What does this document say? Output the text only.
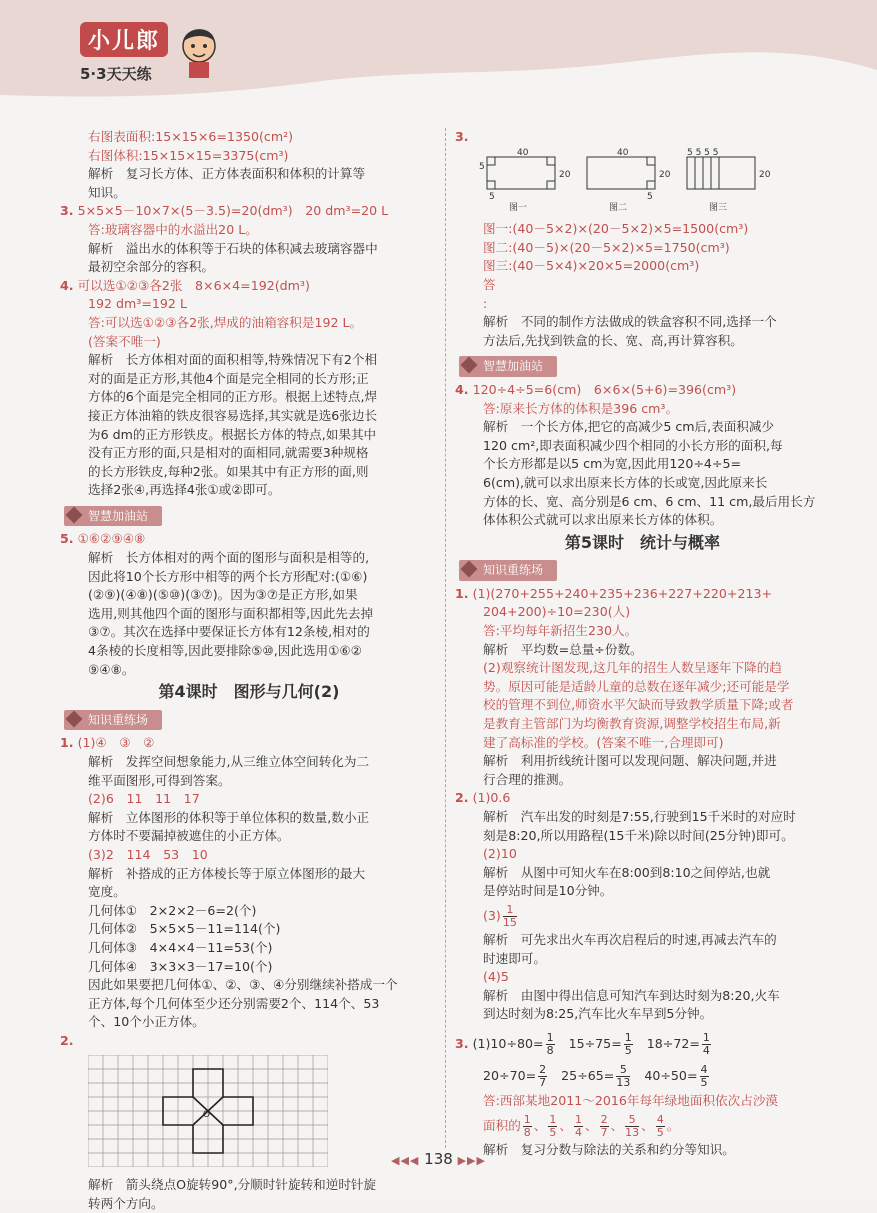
小儿郎
5·3天天练
右图表面积:15×15×6=1350(cm²)
右图体积:15×15×15=3375(cm³)
解析　复习长方体、正方体表面积和体积的计算等
知识。
3. 5×5×5－10×7×(5－3.5)=20(dm³)　20 dm³=20 L
答:玻璃容器中的水溢出20 L。
解析　溢出水的体积等于石块的体积减去玻璃容器中
最初空余部分的容积。
4. 可以选①②③各2张　8×6×4=192(dm³)
192 dm³=192 L
答:可以选①②③各2张,焊成的油箱容积是192 L。
(答案不唯一)
解析　长方体相对面的面积相等,特殊情况下有2个相
对的面是正方形,其他4个面是完全相同的长方形;正
方体的6个面是完全相同的正方形。根据上述特点,焊
接正方体油箱的铁皮很容易选择,其实就是选6张边长
为6 dm的正方形铁皮。根据长方体的特点,如果其中
没有正方形的面,只是相对的面相同,就需要3种规格
的长方形铁皮,每种2张。如果其中有正方形的面,则
选择2张④,再选择4张①或②即可。
智慧加油站
5. ①⑥②⑨④⑧
解析　长方体相对的两个面的图形与面积是相等的,
因此将10个长方形中相等的两个长方形配对:(①⑥)
(②⑨)(④⑧)(⑤⑩)(③⑦)。因为③⑦是正方形,如果
选用,则其他四个面的图形与面积都相等,因此先去掉
③⑦。其次在选择中要保证长方体有12条棱,相对的
4条棱的长度相等,因此要排除⑤⑩,因此选用①⑥②
⑨④⑧。
第4课时　图形与几何(2)
知识重练场
1. (1)④　③　②
解析　发挥空间想象能力,从三维立体空间转化为二
维平面图形,可得到答案。
(2)6　11　11　17
解析　立体图形的体积等于单位体积的数量,数小正
方体时不要漏掉被遮住的小正方体。
(3)2　114　53　10
解析　补搭成的正方体棱长等于原立体图形的最大
宽度。
几何体①　2×2×2－6=2(个)
几何体②　5×5×5－11=114(个)
几何体③　4×4×4－11=53(个)
几何体④　3×3×3－17=10(个)
因此如果要把几何体①、②、③、④分别继续补搭成一个
正方体,每个几何体至少还分别需要2个、114个、53
个、10个小正方体。
2.
O
解析　箭头绕点O旋转90°,分顺时针旋转和逆时针旋
转两个方向。
3.
40
20
5
5
40
20
5
5 5 5 5
20
图一	图二	图三
图一:(40－5×2)×(20－5×2)×5=1500(cm³)
图二:(40－5)×(20－5×2)×5=1750(cm³)
图三:(40－5×4)×20×5=2000(cm³)
答
:
解析　不同的制作方法做成的铁盒容积不同,选择一个
方法后,先找到铁盒的长、宽、高,再计算容积。
智慧加油站
4. 120÷4÷5=6(cm)　6×6×(5+6)=396(cm³)
答:原来长方体的体积是396 cm³。
解析　一个长方体,把它的高减少5 cm后,表面积减少
120 cm²,即表面积减少四个相同的小长方形的面积,每
个长方形都是以5 cm为宽,因此用120÷4÷5=
6(cm),就可以求出原来长方体的长或宽,因此原来长
方体的长、宽、高分别是6 cm、6 cm、11 cm,最后用长方
体体积公式就可以求出原来长方体的体积。
第5课时　统计与概率
知识重练场
1. (1)(270+255+240+235+236+227+220+213+
204+200)÷10=230(人)
答:平均每年新招生230人。
解析　平均数=总量÷份数。
(2)观察统计图发现,这几年的招生人数呈逐年下降的趋
势。原因可能是适龄儿童的总数在逐年减少;还可能是学
校的管理不到位,师资水平欠缺而导致教学质量下降;或者
是教育主管部门为均衡教育资源,调整学校招生布局,新
建了高标准的学校。(答案不唯一,合理即可)
解析　利用折线统计图可以发现问题、解决问题,并进
行合理的推测。
2. (1)0.6
解析　汽车出发的时刻是7:55,行驶到15千米时的对应时
刻是8:20,所以用路程(15千米)除以时间(25分钟)即可。
(2)10
解析　从图中可知火车在8:00到8:10之间停站,也就
是停站时间是10分钟。
$(3) \frac{1}{15}$
解析　可先求出火车再次启程后的时速,再减去汽车的
时速即可。
(4)5
解析　由图中得出信息可知汽车到达时刻为8:20,火车
到达时刻为8:25,汽车比火车早到5分钟。
3. $(1)10\div 80= \frac{1}{8} 15\div 75= \frac{1}{5} 18\div 72= \frac{1}{4}$
$20\div 70= \frac{2}{7} 25\div 65= \frac{5}{13} 40\div 50= \frac{4}{5}$
答:西部某地2011～2016年每年绿地面积依次占沙漠
面积的 $\frac{1}{8}$ 、 $\frac{1}{5}$ 、 $\frac{1}{4}$ 、 $\frac{2}{7}$ 、 $\frac{5}{13}$ 、 $\frac{4}{5}$ 。
解析　复习分数与除法的关系和约分等知识。
◀◀◀ 138 ▶▶▶
